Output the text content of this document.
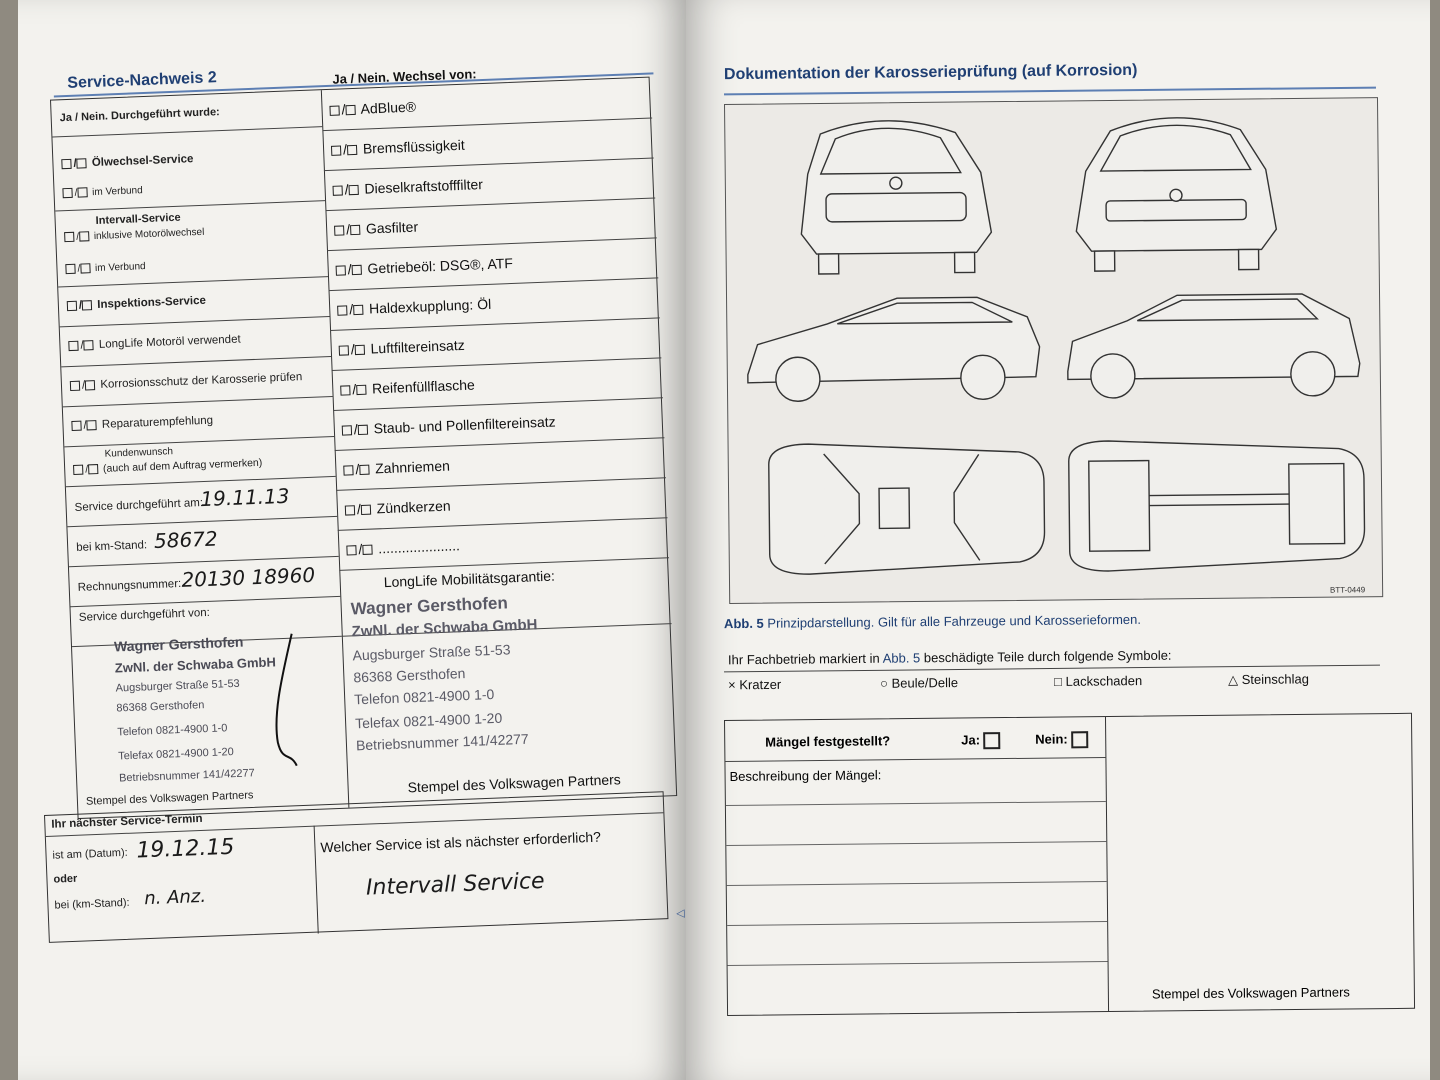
Service-Nachweis 2	Ja / Nein. Wechsel von:
Ja / Nein. Durchgeführt wurde:
/ Ölwechsel-Service
/ im Verbund
Intervall-Service
/ inklusive Motorölwechsel
/ im Verbund
/ Inspektions-Service
/ LongLife Motoröl verwendet
/ Korrosionsschutz der Karosserie prüfen
/ Reparaturempfehlung
Kundenwunsch
/ (auch auf dem Auftrag vermerken)
Service durchgeführt am:
19.11.13
bei km-Stand: 58672
Rechnungsnummer: 20130 18960
Service durchgeführt von:
Wagner Gersthofen
ZwNl. der Schwaba GmbH
Augsburger Straße 51-53
86368 Gersthofen
Telefon 0821-4900 1-0
Telefax 0821-4900 1-20
Betriebsnummer 141/42277
Stempel des Volkswagen Partners
/ AdBlue®
/ Bremsflüssigkeit
/ Dieselkraftstofffilter
/ Gasfilter
/ Getriebeöl: DSG®, ATF
/ Haldexkupplung: Öl
/ Luftfiltereinsatz
/ Reifenfüllflasche
/ Staub- und Pollenfiltereinsatz
/ Zahnriemen
/ Zündkerzen
/ .....................
LongLife Mobilitätsgarantie:
Wagner Gersthofen
ZwNl. der Schwaba GmbH
Augsburger Straße 51-53
86368 Gersthofen
Telefon 0821-4900 1-0
Telefax 0821-4900 1-20
Betriebsnummer 141/42277
Stempel des Volkswagen Partners
Ihr nächster Service-Termin
ist am (Datum): 19.12.15
oder
bei (km-Stand): n. Anz.
Welcher Service ist als nächster erforderlich?
Intervall Service
◁
Dokumentation der Karosserieprüfung (auf Korrosion)
BTT-0449
Abb. 5 Prinzipdarstellung. Gilt für alle Fahrzeuge und Karosserieformen.
Ihr Fachbetrieb markiert in Abb. 5 beschädigte Teile durch folgende Symbole:
× Kratzer	○ Beule/Delle	□ Lackschaden	△ Steinschlag
Mängel festgestellt?	Ja:	Nein:
Beschreibung der Mängel:
Stempel des Volkswagen Partners
